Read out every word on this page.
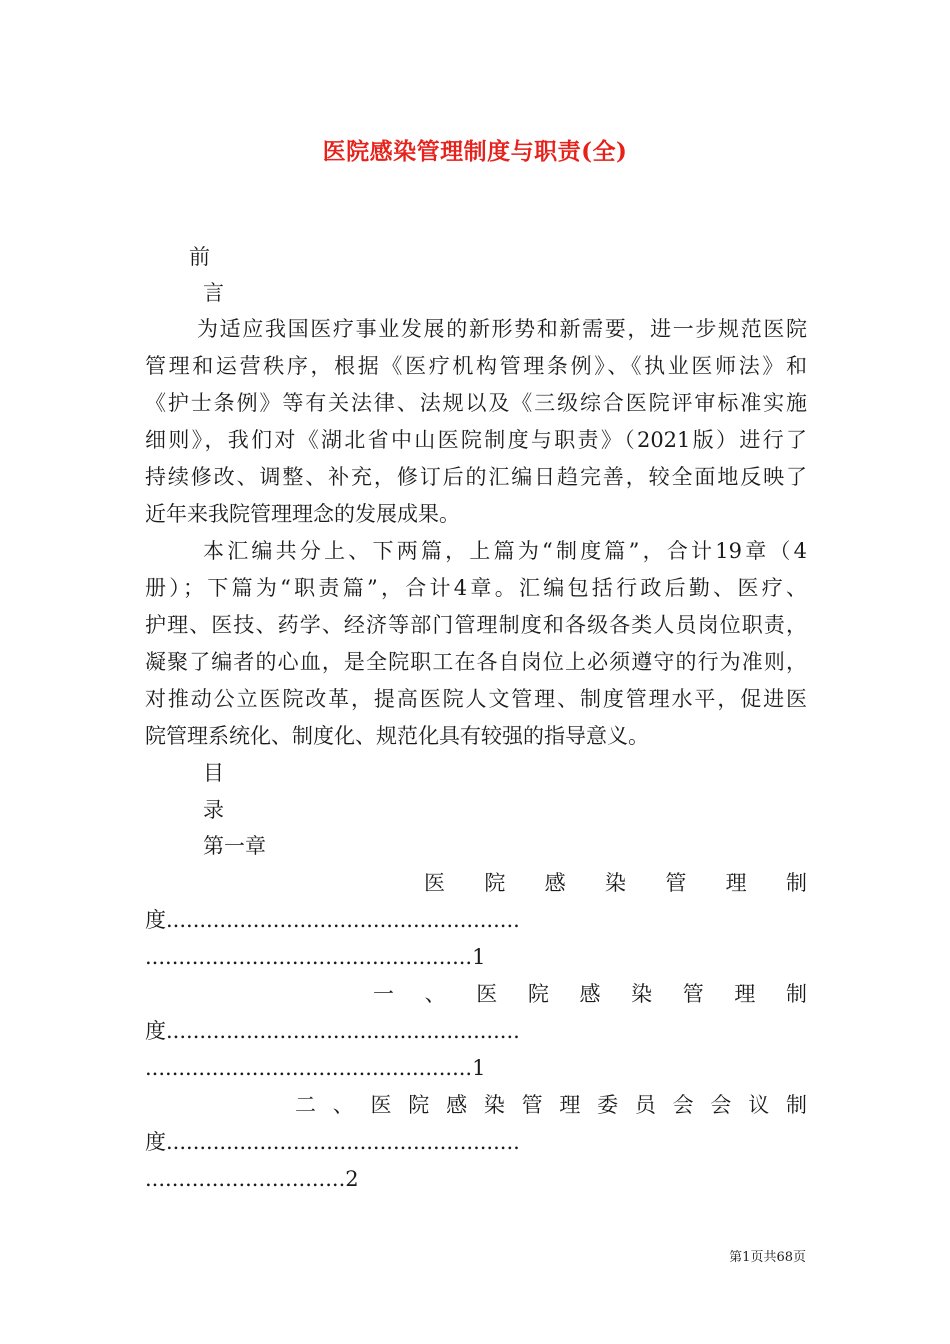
医院感染管理制度与职责(全)
前
言
为适应我国医疗事业发展的新形势和新需要，进一步规范医院
管理和运营秩序，根据《医疗机构管理条例》、《执业医师法》和
《护士条例》等有关法律、法规以及《三级综合医院评审标准实施
细则》，我们对《湖北省中山医院制度与职责》（2021版）进行了
持续修改、调整、补充，修订后的汇编日趋完善，较全面地反映了
近年来我院管理理念的发展成果。
本汇编共分上、下两篇，上篇为“制度篇”，合计19章（4
册）；下篇为“职责篇”，合计4章。汇编包括行政后勤、医疗、
护理、医技、药学、经济等部门管理制度和各级各类人员岗位职责，
凝聚了编者的心血，是全院职工在各自岗位上必须遵守的行为准则，
对推动公立医院改革，提高医院人文管理、制度管理水平，促进医
院管理系统化、制度化、规范化具有较强的指导意义。
目
录
第一章
医 院 感 染 管 理 制
度.....................................................
.................................................1
一 、 医 院 感 染 管 理 制
度.....................................................
.................................................1
二 、 医 院 感 染 管 理 委 员 会 会 议 制
度.....................................................
..............................2
第1页共68页
